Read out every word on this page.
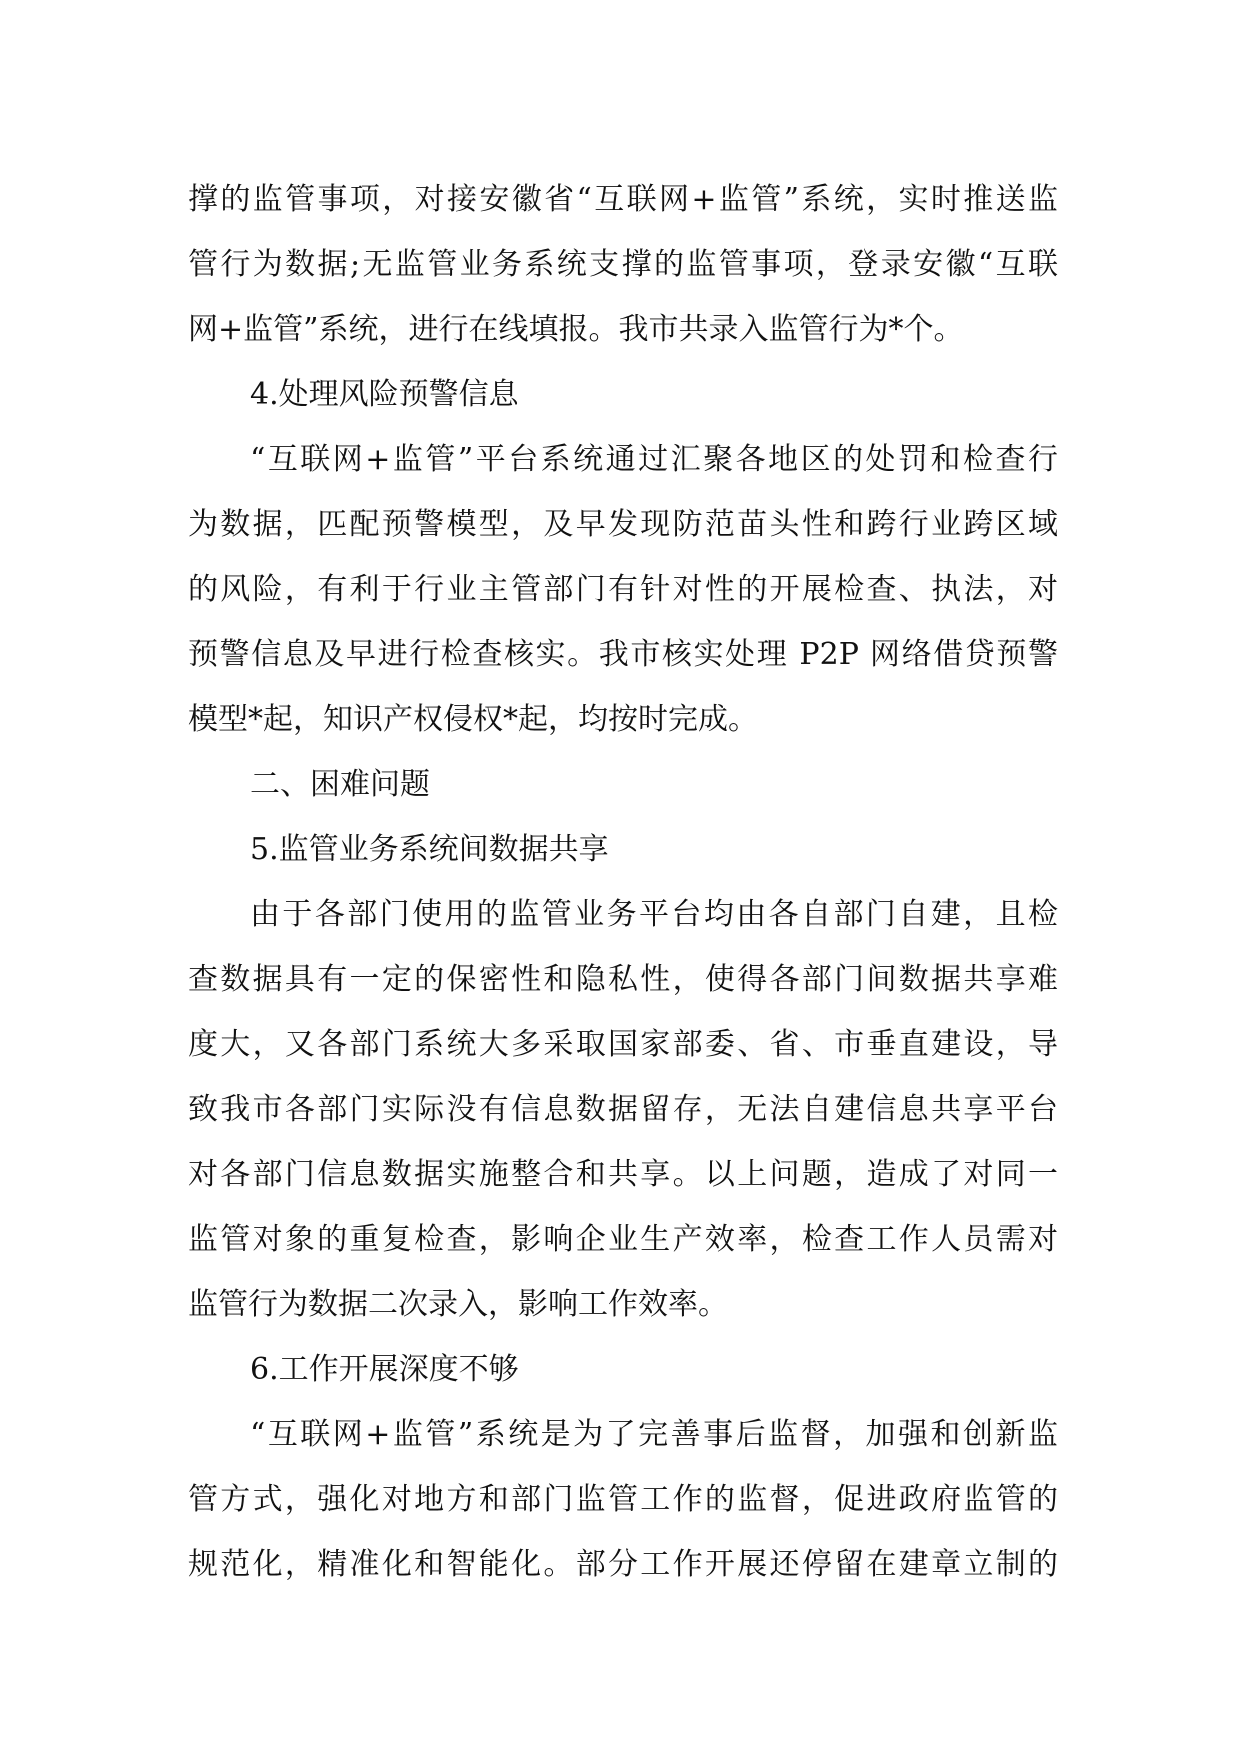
撑的监管事项，对接安徽省“互联网+监管”系统，实时推送监
管行为数据;无监管业务系统支撑的监管事项，登录安徽“互联
网+监管”系统，进行在线填报。我市共录入监管行为*个。
4.处理风险预警信息
“互联网+监管”平台系统通过汇聚各地区的处罚和检查行
为数据，匹配预警模型，及早发现防范苗头性和跨行业跨区域
的风险，有利于行业主管部门有针对性的开展检查、执法，对
预警信息及早进行检查核实。我市核实处理 P2P 网络借贷预警
模型*起，知识产权侵权*起，均按时完成。
二、困难问题
5.监管业务系统间数据共享
由于各部门使用的监管业务平台均由各自部门自建，且检
查数据具有一定的保密性和隐私性，使得各部门间数据共享难
度大，又各部门系统大多采取国家部委、省、市垂直建设，导
致我市各部门实际没有信息数据留存，无法自建信息共享平台
对各部门信息数据实施整合和共享。以上问题，造成了对同一
监管对象的重复检查，影响企业生产效率，检查工作人员需对
监管行为数据二次录入，影响工作效率。
6.工作开展深度不够
“互联网+监管”系统是为了完善事后监督，加强和创新监
管方式，强化对地方和部门监管工作的监督，促进政府监管的
规范化，精准化和智能化。部分工作开展还停留在建章立制的
